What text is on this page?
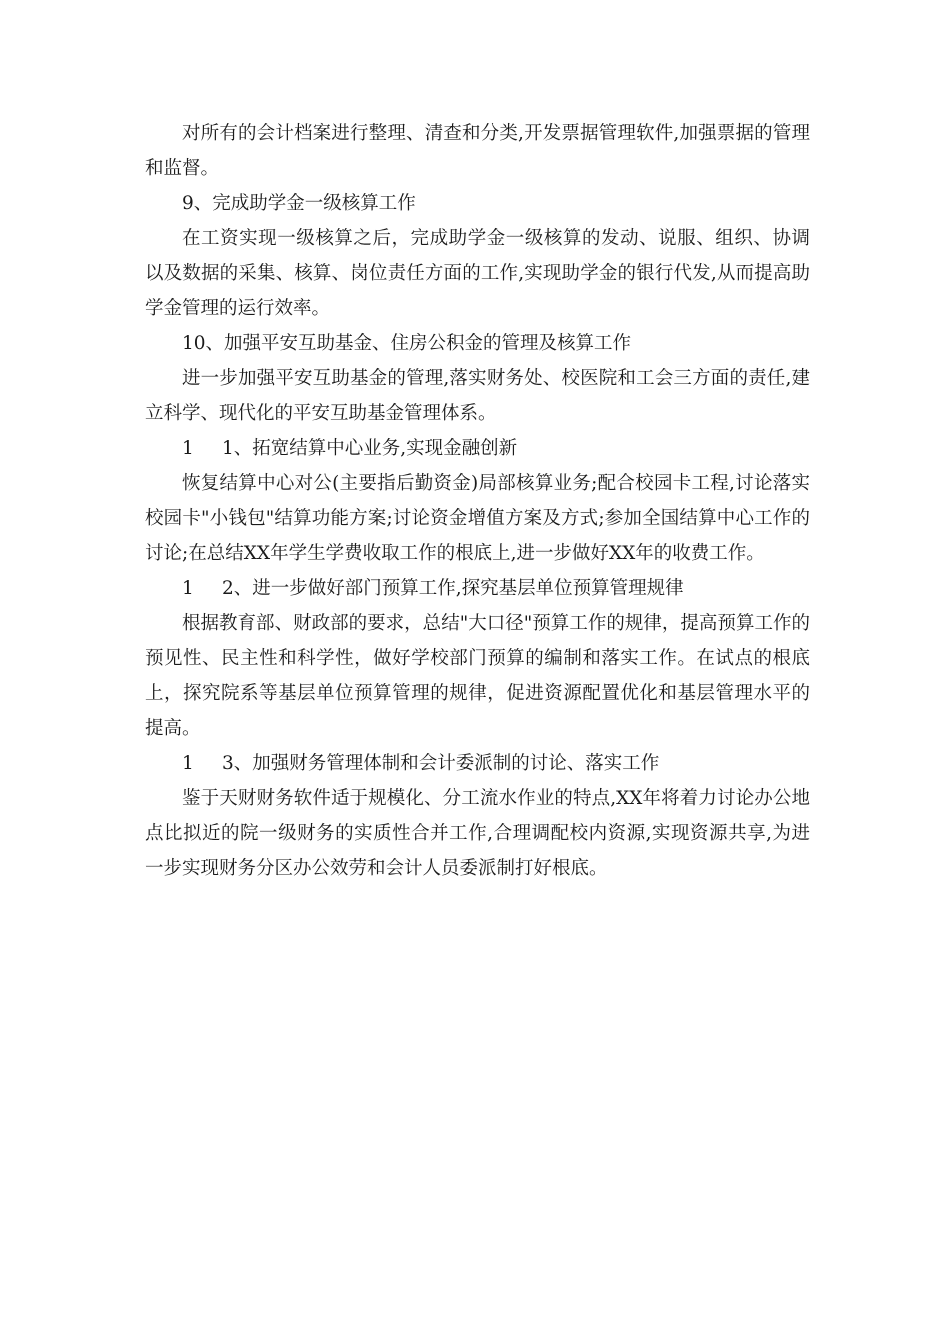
对所有的会计档案进行整理、清查和分类,开发票据管理软件,加强票据的管理和监督。

9、完成助学金一级核算工作

在工资实现一级核算之后，完成助学金一级核算的发动、说服、组织、协调以及数据的采集、核算、岗位责任方面的工作,实现助学金的银行代发,从而提高助学金管理的运行效率。

10、加强平安互助基金、住房公积金的管理及核算工作

进一步加强平安互助基金的管理,落实财务处、校医院和工会三方面的责任,建立科学、现代化的平安互助基金管理体系。

1 1、拓宽结算中心业务,实现金融创新

恢复结算中心对公(主要指后勤资金)局部核算业务;配合校园卡工程,讨论落实校园卡"小钱包"结算功能方案;讨论资金增值方案及方式;参加全国结算中心工作的讨论;在总结XX年学生学费收取工作的根底上,进一步做好XX年的收费工作。

1 2、进一步做好部门预算工作,探究基层单位预算管理规律

根据教育部、财政部的要求，总结"大口径"预算工作的规律，提高预算工作的预见性、民主性和科学性，做好学校部门预算的编制和落实工作。在试点的根底上，探究院系等基层单位预算管理的规律，促进资源配置优化和基层管理水平的提高。

1 3、加强财务管理体制和会计委派制的讨论、落实工作

鉴于天财财务软件适于规模化、分工流水作业的特点,XX年将着力讨论办公地点比拟近的院一级财务的实质性合并工作,合理调配校内资源,实现资源共享,为进一步实现财务分区办公效劳和会计人员委派制打好根底。
